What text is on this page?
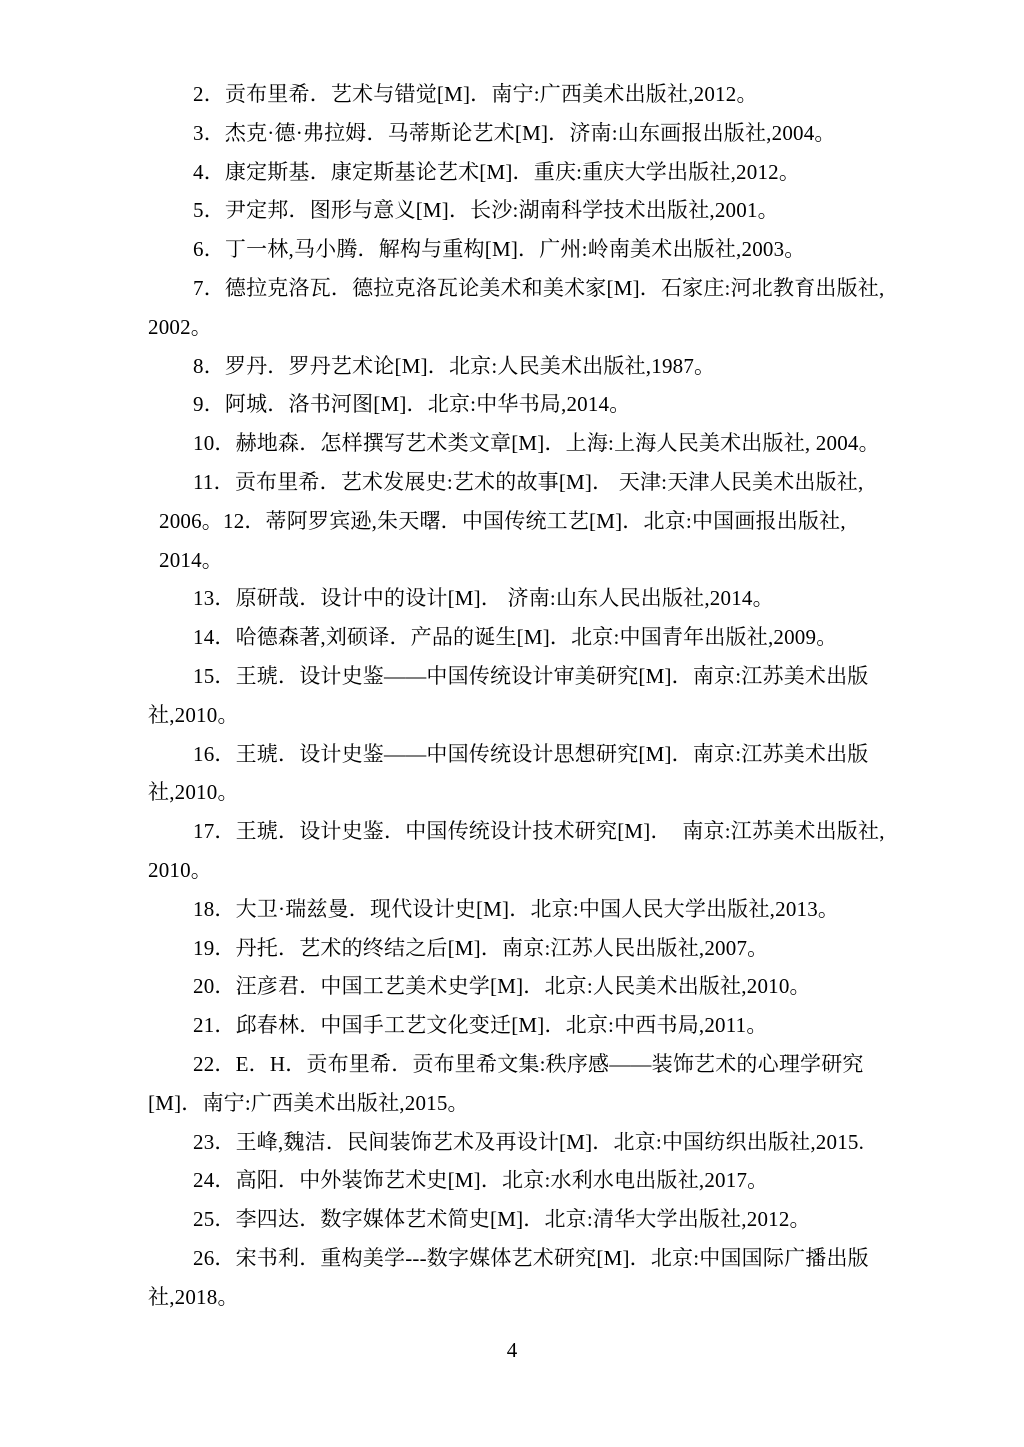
2．贡布里希．艺术与错觉[M]．南宁:广西美术出版社,2012。
3．杰克·德·弗拉姆．马蒂斯论艺术[M]．济南:山东画报出版社,2004。
4．康定斯基．康定斯基论艺术[M]．重庆:重庆大学出版社,2012。
5．尹定邦．图形与意义[M]．长沙:湖南科学技术出版社,2001。
6．丁一林,马小腾．解构与重构[M]．广州:岭南美术出版社,2003。
7．德拉克洛瓦．德拉克洛瓦论美术和美术家[M]．石家庄:河北教育出版社,
2002。
8．罗丹．罗丹艺术论[M]．北京:人民美术出版社,1987。
9．阿城．洛书河图[M]．北京:中华书局,2014。
10．赫地森．怎样撰写艺术类文章[M]．上海:上海人民美术出版社, 2004。
11．贡布里希．艺术发展史:艺术的故事[M]． 天津:天津人民美术出版社,
2006。12．蒂阿罗宾逊,朱天曙．中国传统工艺[M]．北京:中国画报出版社,
2014。
13．原研哉．设计中的设计[M]． 济南:山东人民出版社,2014。
14．哈德森著,刘硕译．产品的诞生[M]．北京:中国青年出版社,2009。
15．王琥．设计史鉴——中国传统设计审美研究[M]．南京:江苏美术出版
社,2010。
16．王琥．设计史鉴——中国传统设计思想研究[M]．南京:江苏美术出版
社,2010。
17．王琥．设计史鉴．中国传统设计技术研究[M]．　南京:江苏美术出版社,
2010。
18．大卫·瑞兹曼．现代设计史[M]．北京:中国人民大学出版社,2013。
19．丹托．艺术的终结之后[M]．南京:江苏人民出版社,2007。
20．汪彦君．中国工艺美术史学[M]．北京:人民美术出版社,2010。
21．邱春林．中国手工艺文化变迁[M]．北京:中西书局,2011。
22．E．H．贡布里希．贡布里希文集:秩序感——装饰艺术的心理学研究
[M]．南宁:广西美术出版社,2015。
23．王峰,魏洁．民间装饰艺术及再设计[M]．北京:中国纺织出版社,2015.
24．高阳．中外装饰艺术史[M]．北京:水利水电出版社,2017。
25．李四达．数字媒体艺术简史[M]．北京:清华大学出版社,2012。
26．宋书利．重构美学---数字媒体艺术研究[M]．北京:中国国际广播出版
社,2018。
4
